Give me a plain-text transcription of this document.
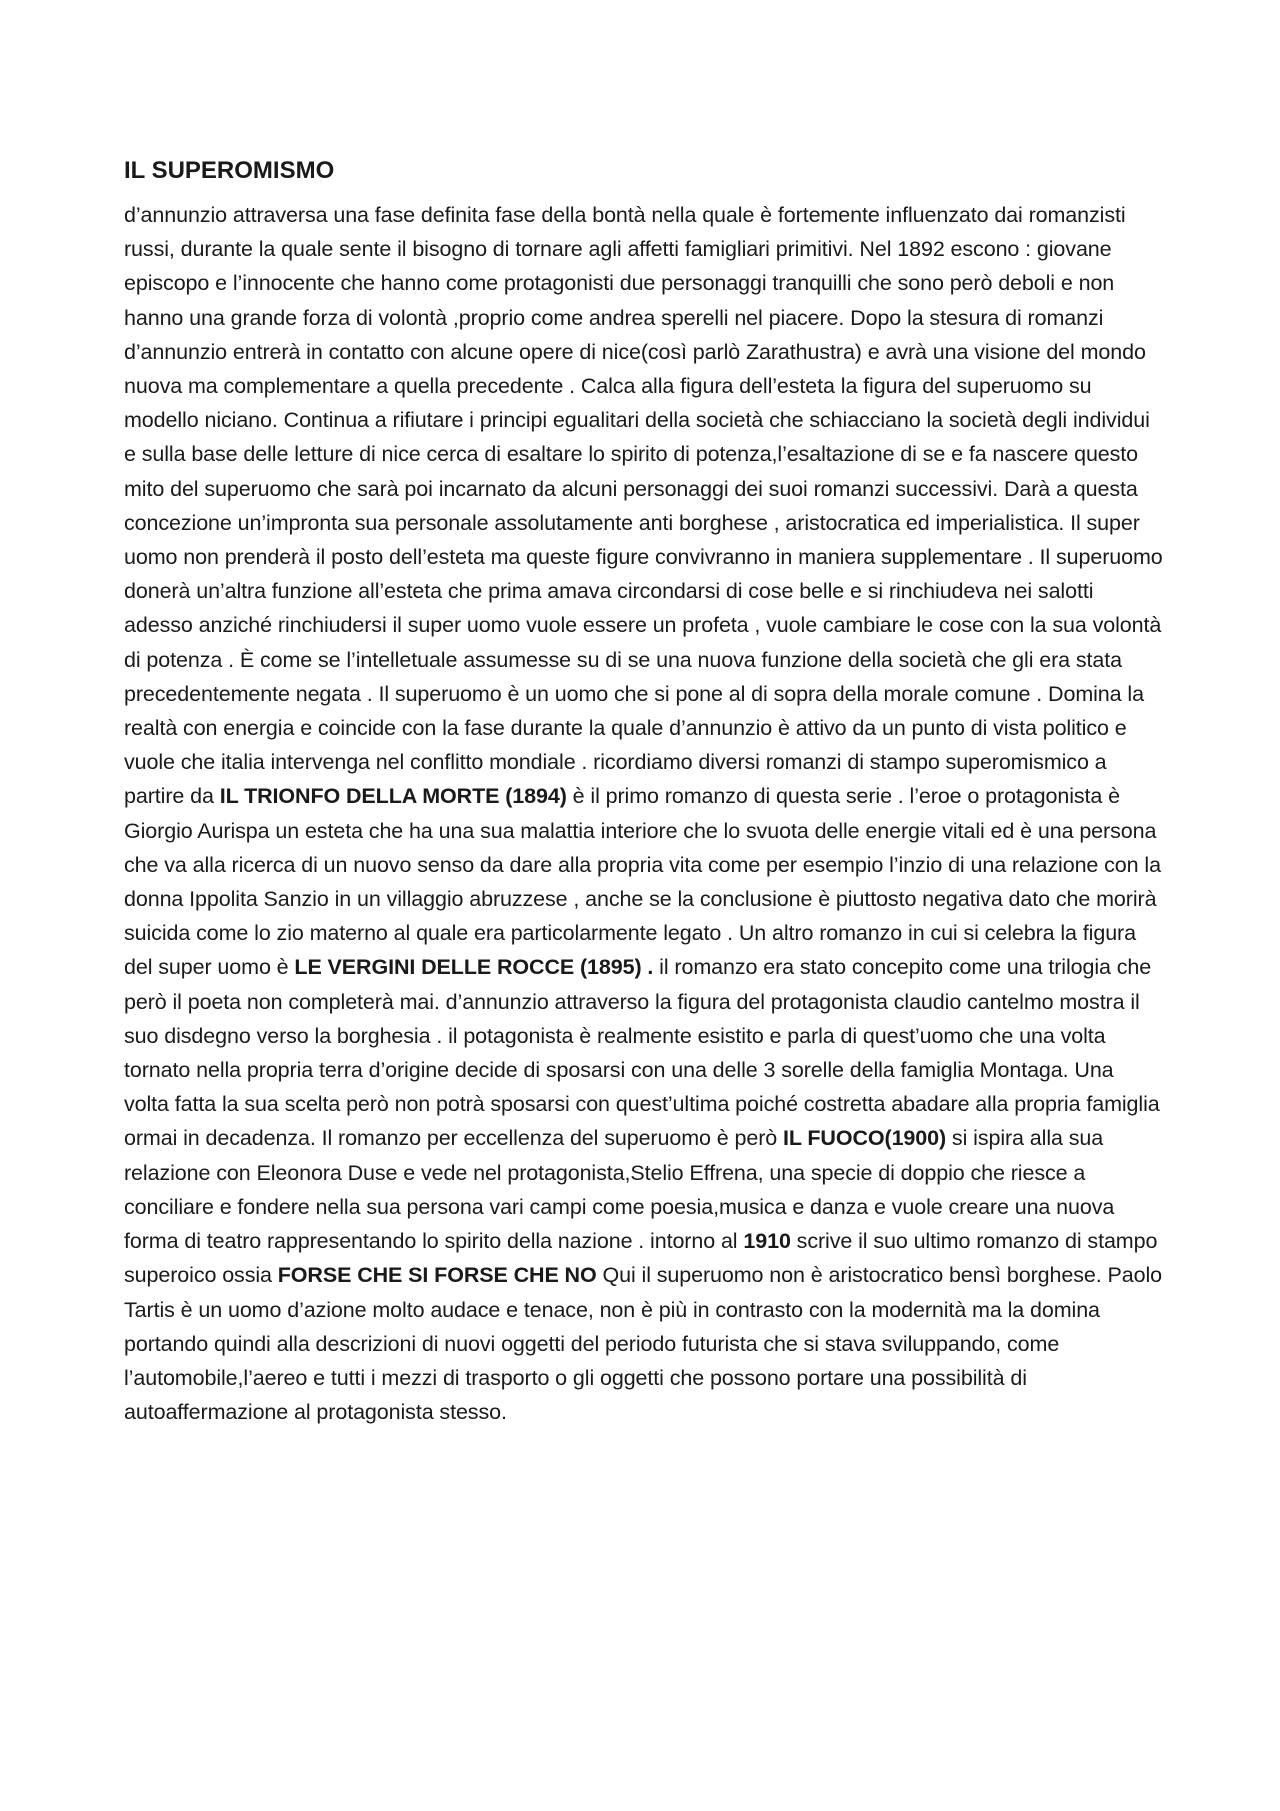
IL SUPEROMISMO

d’annunzio attraversa una fase definita fase della bontà nella quale è fortemente influenzato dai romanzisti russi, durante la quale sente il bisogno di tornare agli affetti famigliari primitivi. Nel 1892 escono : giovane episcopo e l’innocente che hanno come protagonisti due personaggi tranquilli che sono però deboli e non hanno una grande forza di volontà ,proprio come andrea sperelli nel piacere. Dopo la stesura di romanzi d’annunzio entrerà in contatto con alcune opere di nice(così parlò Zarathustra) e avrà una visione del mondo nuova ma complementare a quella precedente . Calca alla figura dell’esteta la figura del superuomo su modello niciano. Continua a rifiutare i principi egualitari della società che schiacciano la società degli individui e sulla base delle letture di nice cerca di esaltare lo spirito di potenza,l’esaltazione di se e fa nascere questo mito del superuomo che sarà poi incarnato da alcuni personaggi dei suoi romanzi successivi. Darà a questa concezione un’impronta sua personale assolutamente anti borghese , aristocratica ed imperialistica. Il super uomo non prenderà il posto dell’esteta ma queste figure convivranno in maniera supplementare . Il superuomo donerà un’altra funzione all’esteta che prima amava circondarsi di cose belle e si rinchiudeva nei salotti adesso anziché rinchiudersi il super uomo vuole essere un profeta , vuole cambiare le cose con la sua volontà di potenza . È come se l’intelletuale assumesse su di se una nuova funzione della società che gli era stata precedentemente negata . Il superuomo è un uomo che si pone al di sopra della morale comune . Domina la realtà con energia e coincide con la fase durante la quale d’annunzio è attivo da un punto di vista politico e vuole che italia intervenga nel conflitto mondiale . ricordiamo diversi romanzi di stampo superomismico a partire da IL TRIONFO DELLA MORTE (1894) è il primo romanzo di questa serie . l’eroe o protagonista è Giorgio Aurispa un esteta che ha una sua malattia interiore che lo svuota delle energie vitali ed è una persona che va alla ricerca di un nuovo senso da dare alla propria vita come per esempio l’inzio di una relazione con la donna Ippolita Sanzio in un villaggio abruzzese , anche se la conclusione è piuttosto negativa dato che morirà suicida come lo zio materno al quale era particolarmente legato . Un altro romanzo in cui si celebra la figura del super uomo è LE VERGINI DELLE ROCCE (1895) . il romanzo era stato concepito come una trilogia che però il poeta non completerà mai. d’annunzio attraverso la figura del protagonista claudio cantelmo mostra il suo disdegno verso la borghesia . il potagonista è realmente esistito e parla di quest’uomo che una volta tornato nella propria terra d’origine decide di sposarsi con una delle 3 sorelle della famiglia Montaga. Una volta fatta la sua scelta però non potrà sposarsi con quest’ultima poiché costretta abadare alla propria famiglia ormai in decadenza. Il romanzo per eccellenza del superuomo è però IL FUOCO(1900) si ispira alla sua relazione con Eleonora Duse e vede nel protagonista,Stelio Effrena, una specie di doppio che riesce a conciliare e fondere nella sua persona vari campi come poesia,musica e danza e vuole creare una nuova forma di teatro rappresentando lo spirito della nazione . intorno al 1910 scrive il suo ultimo romanzo di stampo superoico ossia FORSE CHE SI FORSE CHE NO Qui il superuomo non è aristocratico bensì borghese. Paolo Tartis è un uomo d’azione molto audace e tenace, non è più in contrasto con la modernità ma la domina portando quindi alla descrizioni di nuovi oggetti del periodo futurista che si stava sviluppando, come l’automobile,l’aereo e tutti i mezzi di trasporto o gli oggetti che possono portare una possibilità di autoaffermazione al protagonista stesso.
